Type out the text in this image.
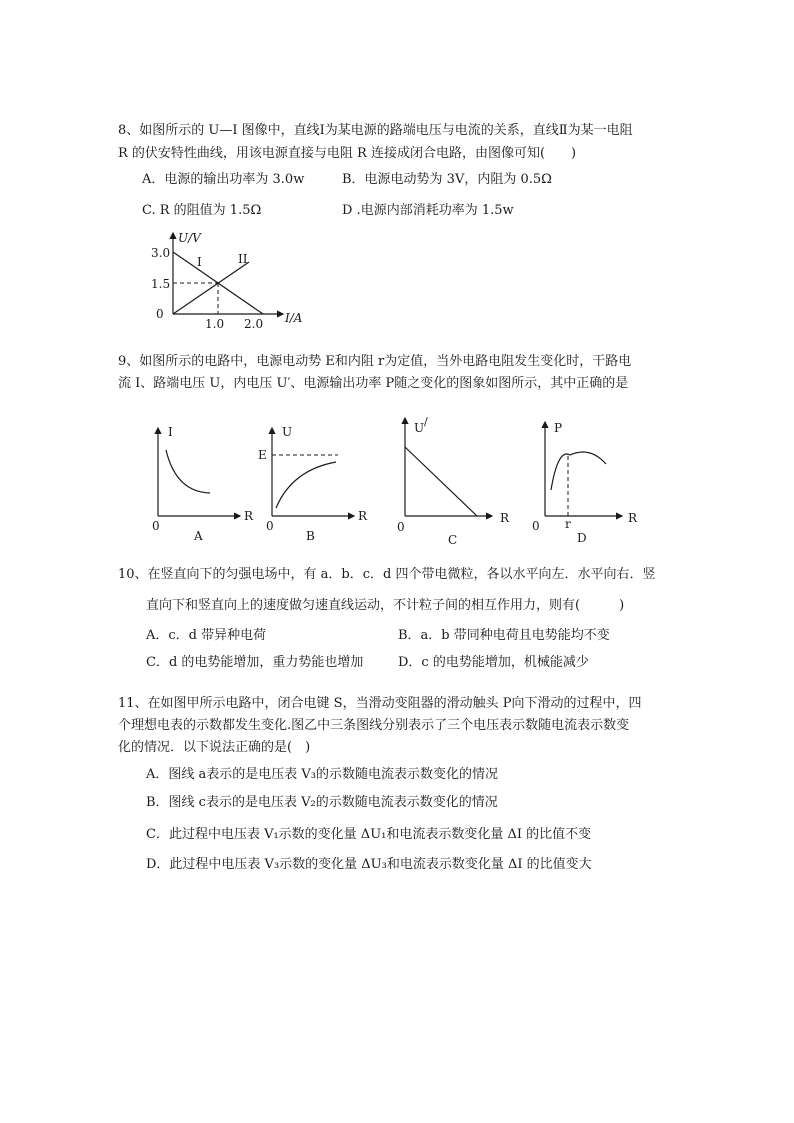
8、如图所示的 U—I 图像中，直线Ⅰ为某电源的路端电压与电流的关系，直线Ⅱ为某一电阻
R 的伏安特性曲线，用该电源直接与电阻 R 连接成闭合电路，由图像可知(　　)
A．电源的输出功率为 3.0w	B．电源电动势为 3V，内阻为 0.5Ω
C. R 的阻值为 1.5Ω	D .电源内部消耗功率为 1.5w
U/V
I/A
3.0
1.5
0
1.0 2.0
I	II
9、如图所示的电路中，电源电动势 E和内阻 r为定值，当外电路电阻发生变化时，干路电
流 I、路端电压 U，内电压 U′、电源输出功率 P随之变化的图象如图所示，其中正确的是
I
R
0
A
U
E
R
0
B
U /
R
0
C
P
R
0 r
D
10、在竖直向下的匀强电场中，有 a．b．c．d 四个带电微粒，各以水平向左．水平向右．竖
直向下和竖直向上的速度做匀速直线运动，不计粒子间的相互作用力，则有(　　　)
A．c．d 带异种电荷	B．a．b 带同种电荷且电势能均不变
C．d 的电势能增加，重力势能也增加	D．c 的电势能增加，机械能减少
11、在如图甲所示电路中，闭合电键 S，当滑动变阻器的滑动触头 P向下滑动的过程中，四
个理想电表的示数都发生变化.图乙中三条图线分别表示了三个电压表示数随电流表示数变
化的情况．以下说法正确的是(　)
A．图线 a表示的是电压表 V₃的示数随电流表示数变化的情况
B．图线 c表示的是电压表 V₂的示数随电流表示数变化的情况
C．此过程中电压表 V₁示数的变化量 ΔU₁和电流表示数变化量 ΔI 的比值不变
D．此过程中电压表 V₃示数的变化量 ΔU₃和电流表示数变化量 ΔI 的比值变大
